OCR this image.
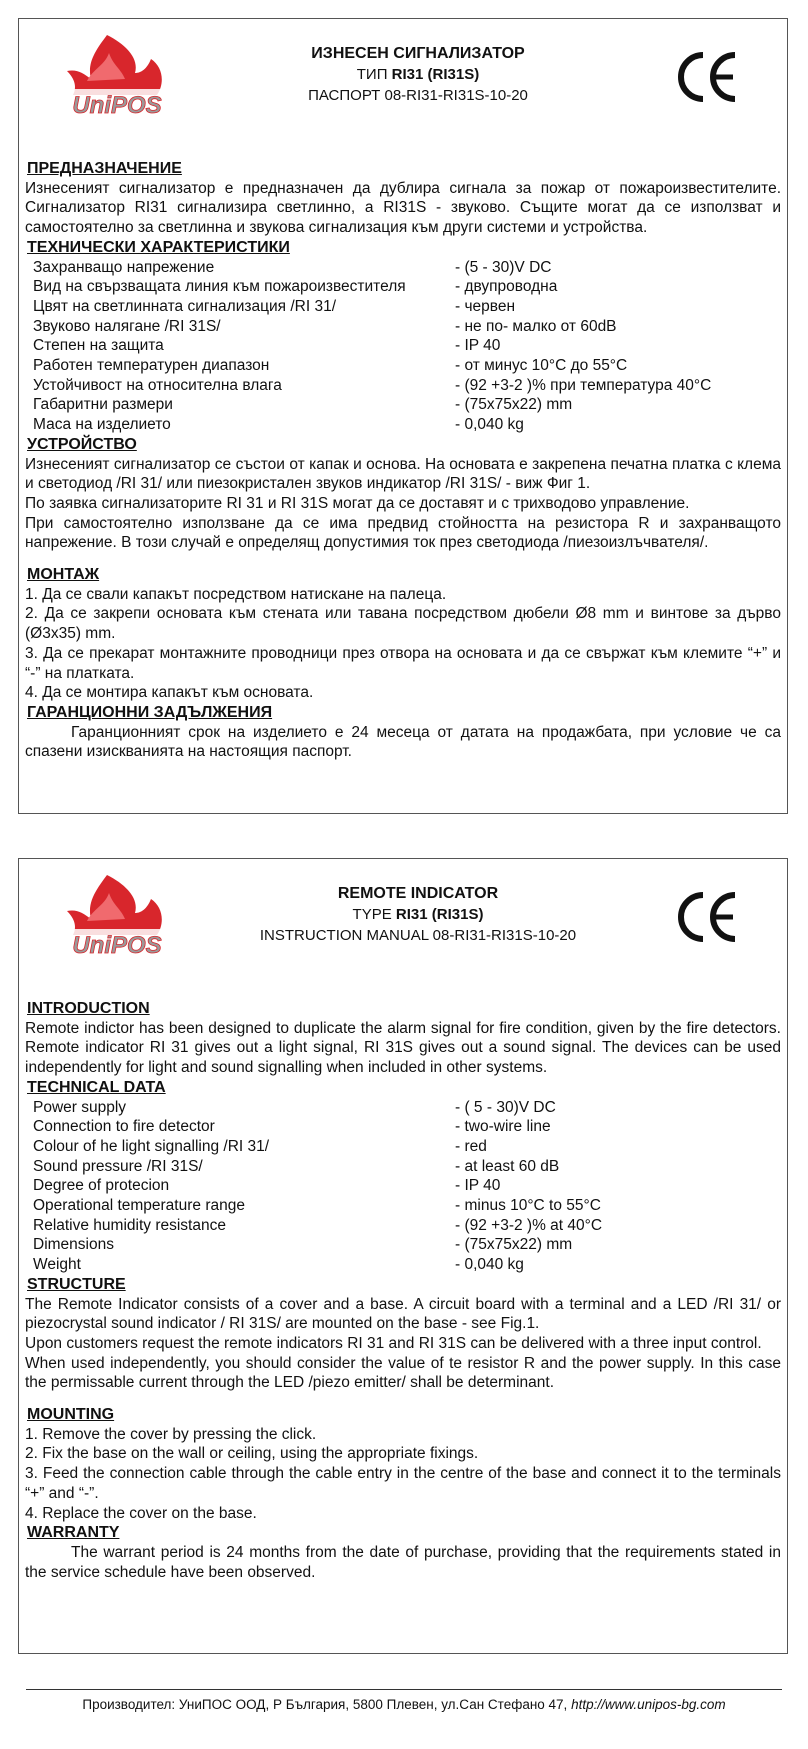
UniPOS
ИЗНЕСЕН СИГНАЛИЗАТОР
ТИП RI31 (RI31S)
ПАСПОРТ 08-RI31-RI31S-10-20
ПРЕДНАЗНАЧЕНИЕ

Изнесеният сигнализатор е предназначен да дублира сигнала за пожар от пожароизвестителите. Сигнализатор RI31 сигнализира светлинно, а RI31S - звуково. Същите могат да се използват и самостоятелно за светлинна и звукова сигнализация към други системи и устройства.

ТЕХНИЧЕСКИ ХАРАКТЕРИСТИКИ
Захранващо напрежение	- (5 - 30)V DC
Вид на свързващата линия към пожароизвестителя	- двупроводна
Цвят на светлинната сигнализация /RI 31/	- червен
Звуково налягане /RI 31S/	- не по- малко от 60dB
Степен на защита	- IP 40
Работен температурен диапазон	- от минус 10°C до 55°C
Устойчивост на относителна влага	- (92 +3-2 )% при температура 40°C
Габаритни размери	- (75x75x22) mm
Маса на изделието	- 0,040 kg
УСТРОЙСТВО

Изнесеният сигнализатор се състои от капак и основа. На основата е закрепена печатна платка с клема и светодиод /RI 31/ или пиезокристален звуков индикатор /RI 31S/ - виж Фиг 1.

По заявка сигнализаторите RI 31 и RI 31S могат да се доставят и с трихводово управление.

При самостоятелно използване да се има предвид стойността на резистора R и захранващото напрежение. В този случай е определящ допустимия ток през светодиода /пиезоизлъчвателя/.

МОНТАЖ

1. Да се свали капакът посредством натискане на палеца.

2. Да се закрепи основата към стената или тавана посредством дюбели Ø8 mm и винтове за дърво (Ø3x35) mm.

3. Да се прекарат монтажните проводници през отвора на основата и да се свържат към клемите “+” и “-” на платката.

4. Да се монтира капакът към основата.

ГАРАНЦИОННИ ЗАДЪЛЖЕНИЯ

Гаранционният срок на изделието е 24 месеца от датата на продажбата, при условие че са спазени изискванията на настоящия паспорт.

UniPOS
REMOTE INDICATOR
TYPE RI31 (RI31S)
INSTRUCTION MANUAL 08-RI31-RI31S-10-20
INTRODUCTION

Remote indictor has been designed to duplicate the alarm signal for fire condition, given by the fire detectors. Remote indicator RI 31 gives out a light signal, RI 31S gives out a sound signal. The devices can be used independently for light and sound signalling when included in other systems.

TECHNICAL DATA
Power supply	- ( 5 - 30)V DC
Connection to fire detector	- two-wire line
Colour of he light signalling /RI 31/	- red
Sound pressure /RI 31S/	- at least 60 dB
Degree of protecion	- IP 40
Operational temperature range	- minus 10°C to 55°C
Relative humidity resistance	- (92 +3-2 )% at 40°C
Dimensions	- (75x75x22) mm
Weight	- 0,040 kg
STRUCTURE

The Remote Indicator consists of a cover and a base. A circuit board with a terminal and a LED /RI 31/ or piezocrystal sound indicator / RI 31S/ are mounted on the base - see Fig.1.

Upon customers request the remote indicators RI 31 and RI 31S can be delivered with a three input control.

When used independently, you should consider the value of te resistor R and the power supply. In this case the permissable current through the LED /piezo emitter/ shall be determinant.

MOUNTING

1. Remove the cover by pressing the click.

2. Fix the base on the wall or ceiling, using the appropriate fixings.

3. Feed the connection cable through the cable entry in the centre of the base and connect it to the terminals “+” and “-”.

4. Replace the cover on the base.

WARRANTY

The warrant period is 24 months from the date of purchase, providing that the requirements stated in the service schedule have been observed.

Производител: УниПОС ООД, Р България, 5800 Плевен, ул.Сан Стефано 47, http://www.unipos-bg.com
